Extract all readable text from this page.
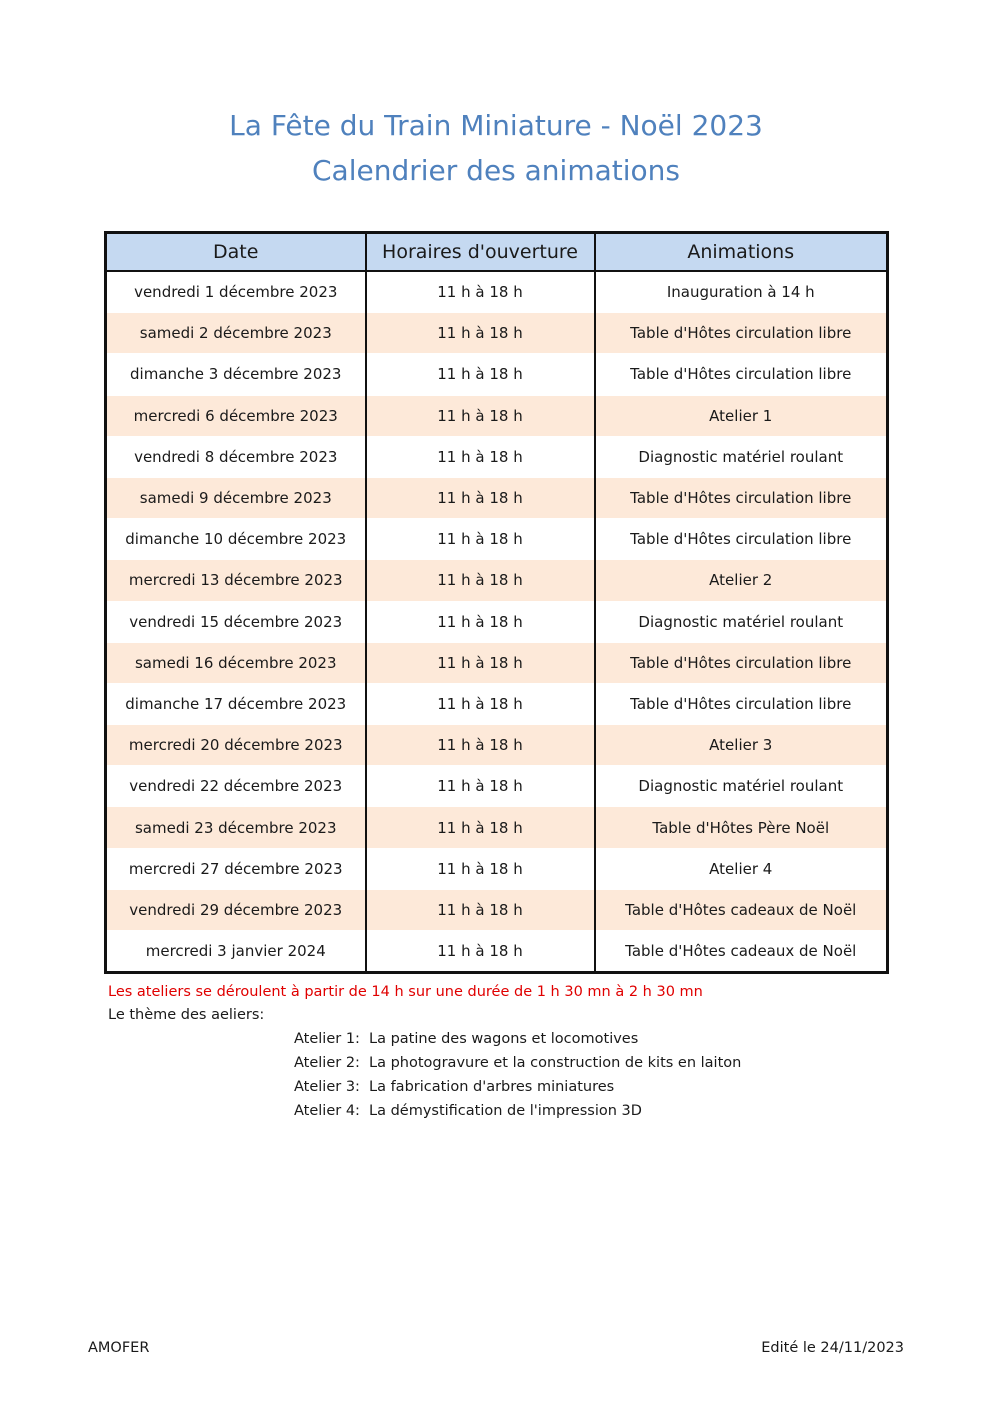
La Fête du Train Miniature - Noël 2023
Calendrier des animations
Date	Horaires d'ouverture	Animations
vendredi 1 décembre 2023	11 h à 18 h	Inauguration à 14 h
samedi 2 décembre 2023	11 h à 18 h	Table d'Hôtes circulation libre
dimanche 3 décembre 2023	11 h à 18 h	Table d'Hôtes circulation libre
mercredi 6 décembre 2023	11 h à 18 h	Atelier 1
vendredi 8 décembre 2023	11 h à 18 h	Diagnostic matériel roulant
samedi 9 décembre 2023	11 h à 18 h	Table d'Hôtes circulation libre
dimanche 10 décembre 2023	11 h à 18 h	Table d'Hôtes circulation libre
mercredi 13 décembre 2023	11 h à 18 h	Atelier 2
vendredi 15 décembre 2023	11 h à 18 h	Diagnostic matériel roulant
samedi 16 décembre 2023	11 h à 18 h	Table d'Hôtes circulation libre
dimanche 17 décembre 2023	11 h à 18 h	Table d'Hôtes circulation libre
mercredi 20 décembre 2023	11 h à 18 h	Atelier 3
vendredi 22 décembre 2023	11 h à 18 h	Diagnostic matériel roulant
samedi 23 décembre 2023	11 h à 18 h	Table d'Hôtes Père Noël
mercredi 27 décembre 2023	11 h à 18 h	Atelier 4
vendredi 29 décembre 2023	11 h à 18 h	Table d'Hôtes cadeaux de Noël
mercredi 3 janvier 2024	11 h à 18 h	Table d'Hôtes cadeaux de Noël
Les ateliers se déroulent à partir de 14 h sur une durée de 1 h 30 mn à 2 h 30 mn
Le thème des aeliers:
Atelier 1: La patine des wagons et locomotives
Atelier 2: La photogravure et la construction de kits en laiton
Atelier 3: La fabrication d'arbres miniatures
Atelier 4: La démystification de l'impression 3D
AMOFER	Edité le 24/11/2023
